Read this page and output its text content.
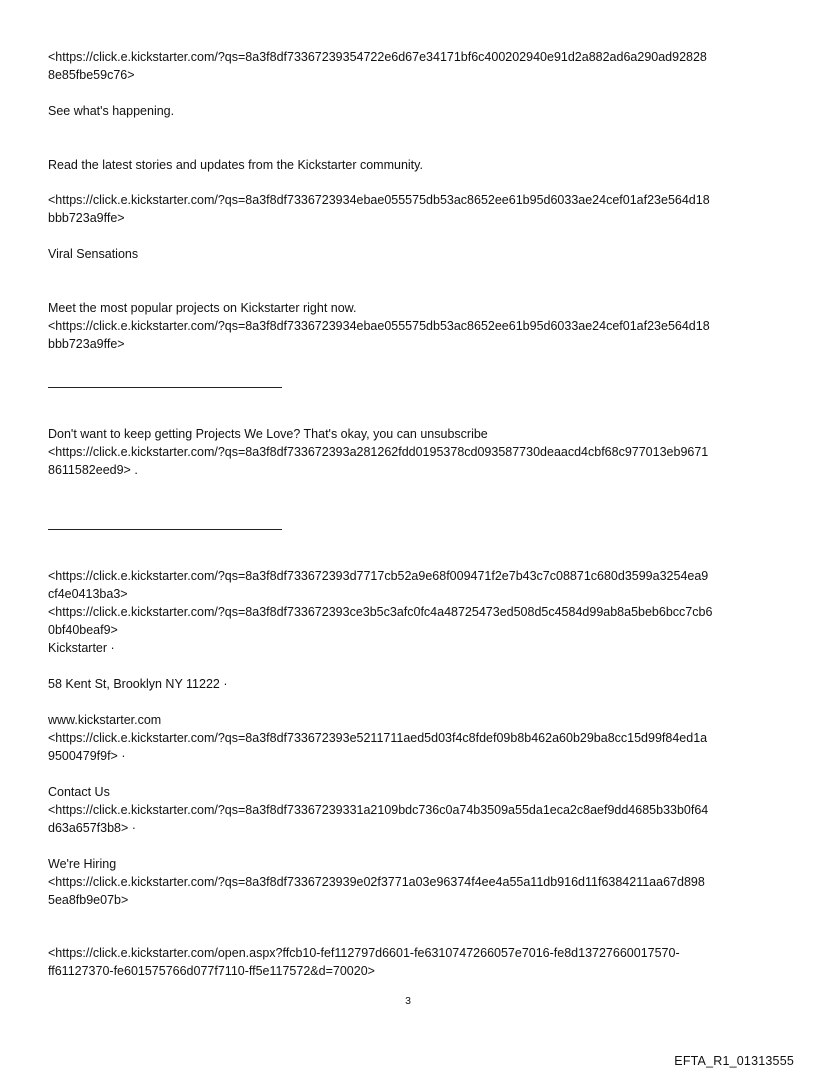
<https://click.e.kickstarter.com/?qs=8a3f8df73367239354722e6d67e34171bf6c400202940e91d2a882ad6a290ad92828
8e85fbe59c76>

See what's happening.

Read the latest stories and updates from the Kickstarter community.

<https://click.e.kickstarter.com/?qs=8a3f8df7336723934ebae055575db53ac8652ee61b95d6033ae24cef01af23e564d18
bbb723a9ffe>

Viral Sensations

Meet the most popular projects on Kickstarter right now.
<https://click.e.kickstarter.com/?qs=8a3f8df7336723934ebae055575db53ac8652ee61b95d6033ae24cef01af23e564d18
bbb723a9ffe>

Don't want to keep getting Projects We Love? That's okay, you can unsubscribe
<https://click.e.kickstarter.com/?qs=8a3f8df733672393a281262fdd0195378cd093587730deaacd4cbf68c977013eb9671
8611582eed9> .

<https://click.e.kickstarter.com/?qs=8a3f8df733672393d7717cb52a9e68f009471f2e7b43c7c08871c680d3599a3254ea9
cf4e0413ba3>
<https://click.e.kickstarter.com/?qs=8a3f8df733672393ce3b5c3afc0fc4a48725473ed508d5c4584d99ab8a5beb6bcc7cb6
0bf40beaf9>
Kickstarter ·

58 Kent St, Brooklyn NY 11222 ·

www.kickstarter.com
<https://click.e.kickstarter.com/?qs=8a3f8df733672393e5211711aed5d03f4c8fdef09b8b462a60b29ba8cc15d99f84ed1a
9500479f9f> ·

Contact Us
<https://click.e.kickstarter.com/?qs=8a3f8df73367239331a2109bdc736c0a74b3509a55da1eca2c8aef9dd4685b33b0f64
d63a657f3b8> ·

We're Hiring
<https://click.e.kickstarter.com/?qs=8a3f8df7336723939e02f3771a03e96374f4ee4a55a11db916d11f6384211aa67d898
5ea8fb9e07b>

<https://click.e.kickstarter.com/open.aspx?ffcb10-fef112797d6601-fe6310747266057e7016-fe8d13727660017570-
ff61127370-fe601575766d077f7110-ff5e117572&d=70020>

3
EFTA_R1_01313555
